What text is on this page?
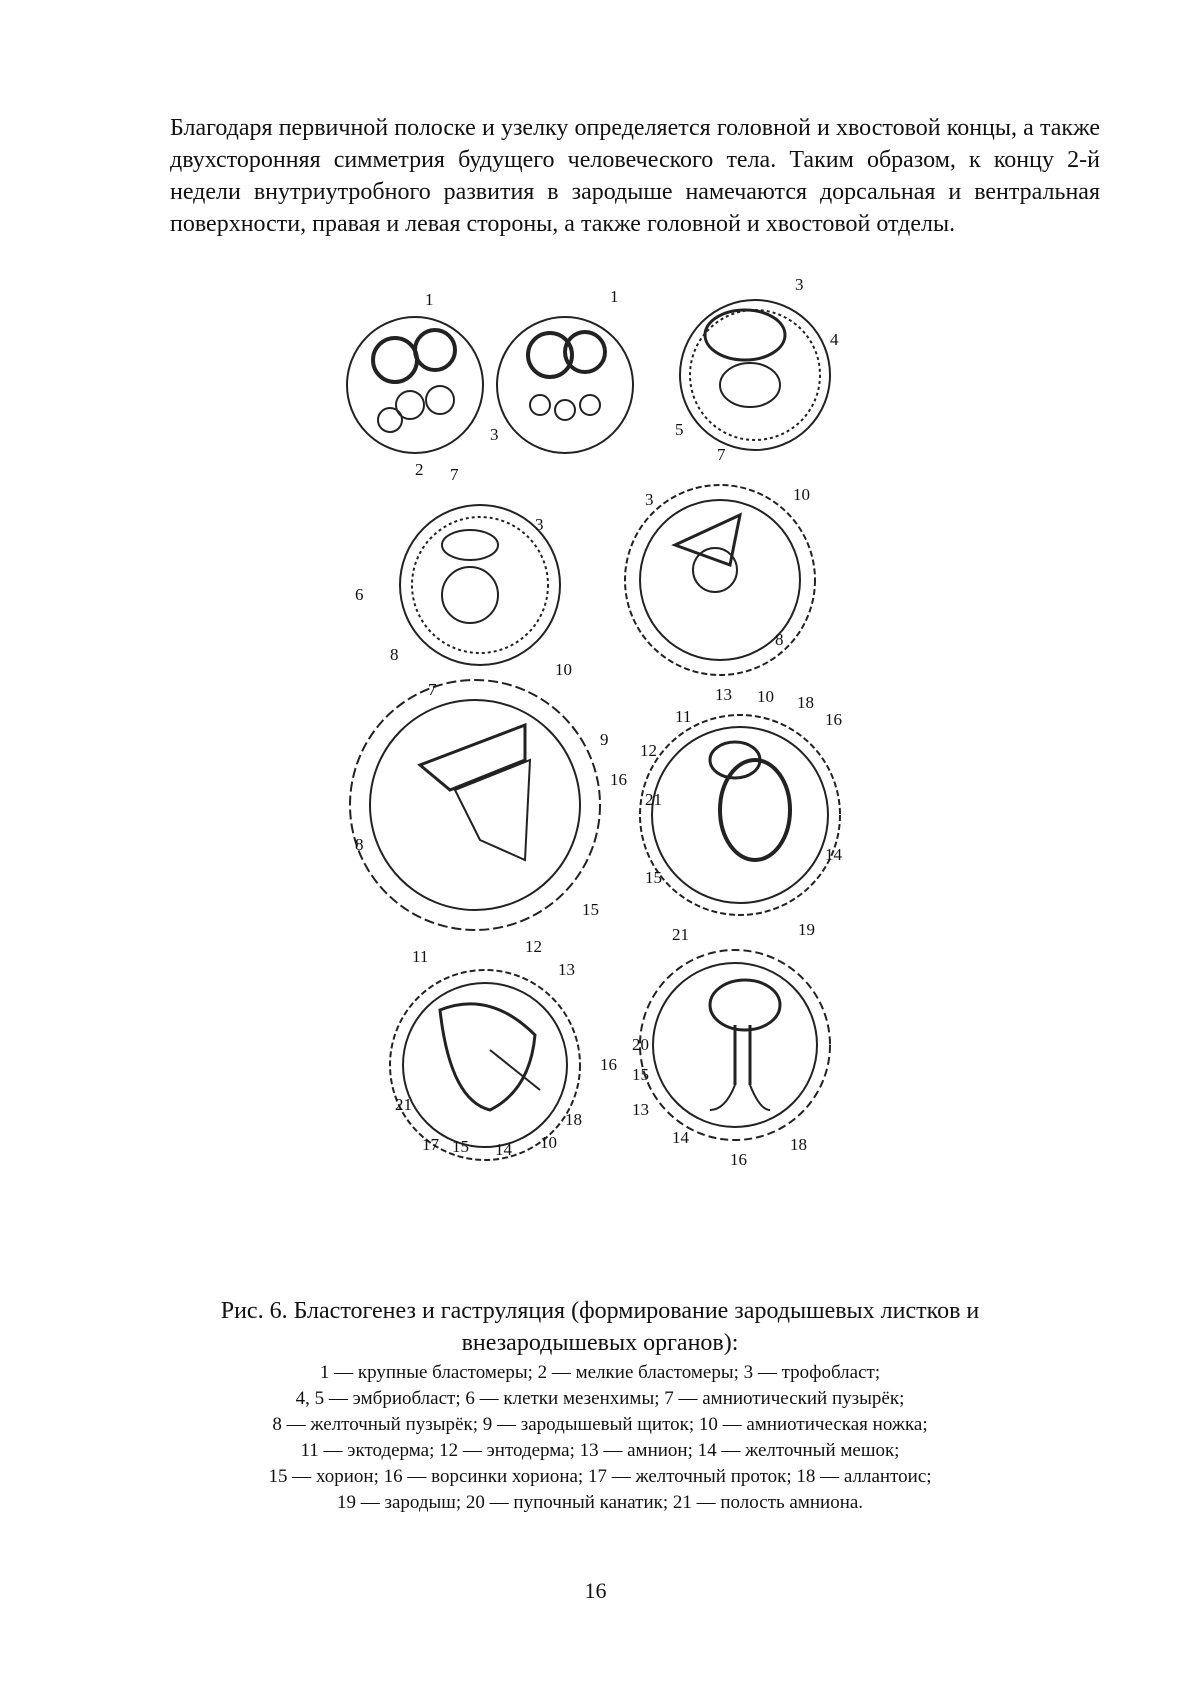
Благодаря первичной полоске и узелку определяется головной и хвостовой концы, а также двухсторонняя симметрия будущего человеческого тела. Таким образом, к концу 2-й недели внутриутробного развития в зародыше намечаются дорсальная и вентральная поверхности, правая и левая стороны, а также головной и хвостовой отделы.
1
2
1
3
3
4
5
7
3
6
8
3
7
10
8
10
7
9
16
8
15
13 10 18
16
11
12
21
15
14
11
12
13
16
21
18
17 15 14 10
21	19
20
15
13
14	18
16
Рис. 6. Бластогенез и гаструляция (формирование зародышевых листков и внезародышевых органов):
1 — крупные бластомеры; 2 — мелкие бластомеры; 3 — трофобласт;
4, 5 — эмбриобласт; 6 — клетки мезенхимы; 7 — амниотический пузырёк;
8 — желточный пузырёк; 9 — зародышевый щиток; 10 — амниотическая ножка;
11 — эктодерма; 12 — энтодерма; 13 — амнион; 14 — желточный мешок;
15 — хорион; 16 — ворсинки хориона; 17 — желточный проток; 18 — аллантоис;
19 — зародыш; 20 — пупочный канатик; 21 — полость амниона.
16
